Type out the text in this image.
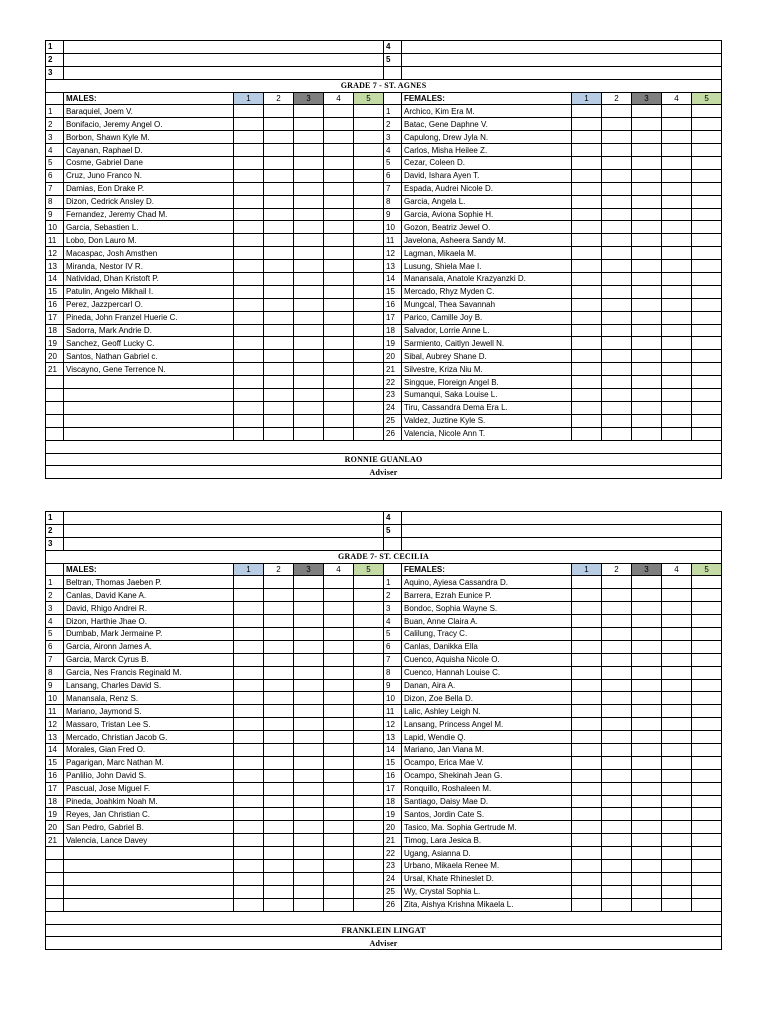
1							4						
2							5						
3													
GRADE 7 - ST. AGNES													
	MALES:	1	2	3	4	5		FEMALES:	1	2	3	4	5
1	Baraquiel, Joem V.						1	Archico, Kim Era M.					
2	Bonifacio, Jeremy Angel O.						2	Batac, Gene Daphne V.					
3	Borbon, Shawn Kyle M.						3	Capulong, Drew Jyla N.					
4	Cayanan, Raphael D.						4	Carlos, Misha Heilee Z.					
5	Cosme, Gabriel Dane						5	Cezar, Coleen D.					
6	Cruz, Juno Franco N.						6	David, Ishara Ayen T.					
7	Damias, Eon Drake P.						7	Espada, Audrei Nicole D.					
8	Dizon, Cedrick Ansley D.						8	Garcia, Angela L.					
9	Fernandez, Jeremy Chad M.						9	Garcia, Aviona Sophie H.					
10	Garcia, Sebastien L.						10	Gozon, Beatriz Jewel O.					
11	Lobo, Don Lauro M.						11	Javelona, Asheera Sandy M.					
12	Macaspac, Josh Amsthen						12	Lagman, Mikaela M.					
13	Miranda, Nestor IV R.						13	Lusung, Shiela Mae I.					
14	Natividad, Dhan Kristoft P.						14	Manansala, Anatole Krazyanzki D.					
15	Patulin, Angelo Mikhail I.						15	Mercado, Rhyz Myden C.					
16	Perez, Jazzpercarl O.						16	Mungcal, Thea Savannah					
17	Pineda, John Franzel Huerie C.						17	Parico, Camille Joy B.					
18	Sadorra, Mark Andrie D.						18	Salvador, Lorrie Anne L.					
19	Sanchez, Geoff Lucky C.						19	Sarmiento, Caitlyn Jewell N.					
20	Santos, Nathan Gabriel c.						20	Sibal, Aubrey Shane D.					
21	Viscayno, Gene Terrence N.						21	Silvestre, Kriza Niu M.					
							22	Singque, Floreign Angel B.					
							23	Sumanqui, Saka Louise L.					
							24	Tiru, Cassandra Dema Era L.					
							25	Valdez, Juztine Kyle S.					
							26	Valencia, Nicole Ann T.					

RONNIE GUANLAO													
Adviser													
1							4						
2							5						
3													
GRADE 7- ST. CECILIA													
	MALES:	1	2	3	4	5		FEMALES:	1	2	3	4	5
1	Beltran, Thomas Jaeben P.						1	Aquino, Ayiesa Cassandra D.					
2	Canlas, David Kane A.						2	Barrera, Ezrah Eunice P.					
3	David, Rhigo Andrei R.						3	Bondoc, Sophia Wayne S.					
4	Dizon, Harthie Jhae O.						4	Buan, Anne Claira A.					
5	Dumbab, Mark Jermaine P.						5	Calilung, Tracy C.					
6	Garcia, Aironn James A.						6	Canlas, Danikka Ella					
7	Garcia, Marck Cyrus B.						7	Cuenco, Aquisha Nicole O.					
8	Garcia, Nes Francis Reginald M.						8	Cuenco, Hannah Louise C.					
9	Lansang, Charles David S.						9	Danan, Aira A.					
10	Manansala, Renz S.						10	Dizon, Zoe Bella D.					
11	Mariano, Jaymond S.						11	Lalic, Ashley Leigh N.					
12	Massaro, Tristan Lee S.						12	Lansang, Princess Angel M.					
13	Mercado, Christian Jacob G.						13	Lapid, Wendie Q.					
14	Morales, Gian Fred O.						14	Mariano, Jan Viana M.					
15	Pagarigan, Marc Nathan M.						15	Ocampo, Erica Mae V.					
16	Panlilio, John David S.						16	Ocampo, Shekinah Jean G.					
17	Pascual, Jose Miguel F.						17	Ronquillo, Roshaleen M.					
18	Pineda, Joahkim Noah M.						18	Santiago, Daisy Mae D.					
19	Reyes, Jan Christian C.						19	Santos, Jordin Cate S.					
20	San Pedro, Gabriel B.						20	Tasico, Ma. Sophia Gertrude M.					
21	Valencia, Lance Davey						21	Timog, Lara Jesica B.					
							22	Ugang, Asianna D.					
							23	Urbano, Mikaela Renee M.					
							24	Ursal, Khate Rhineslet D.					
							25	Wy, Crystal Sophia L.					
							26	Zita, Aishya Krishna Mikaela L.					

FRANKLEIN LINGAT													
Adviser													
